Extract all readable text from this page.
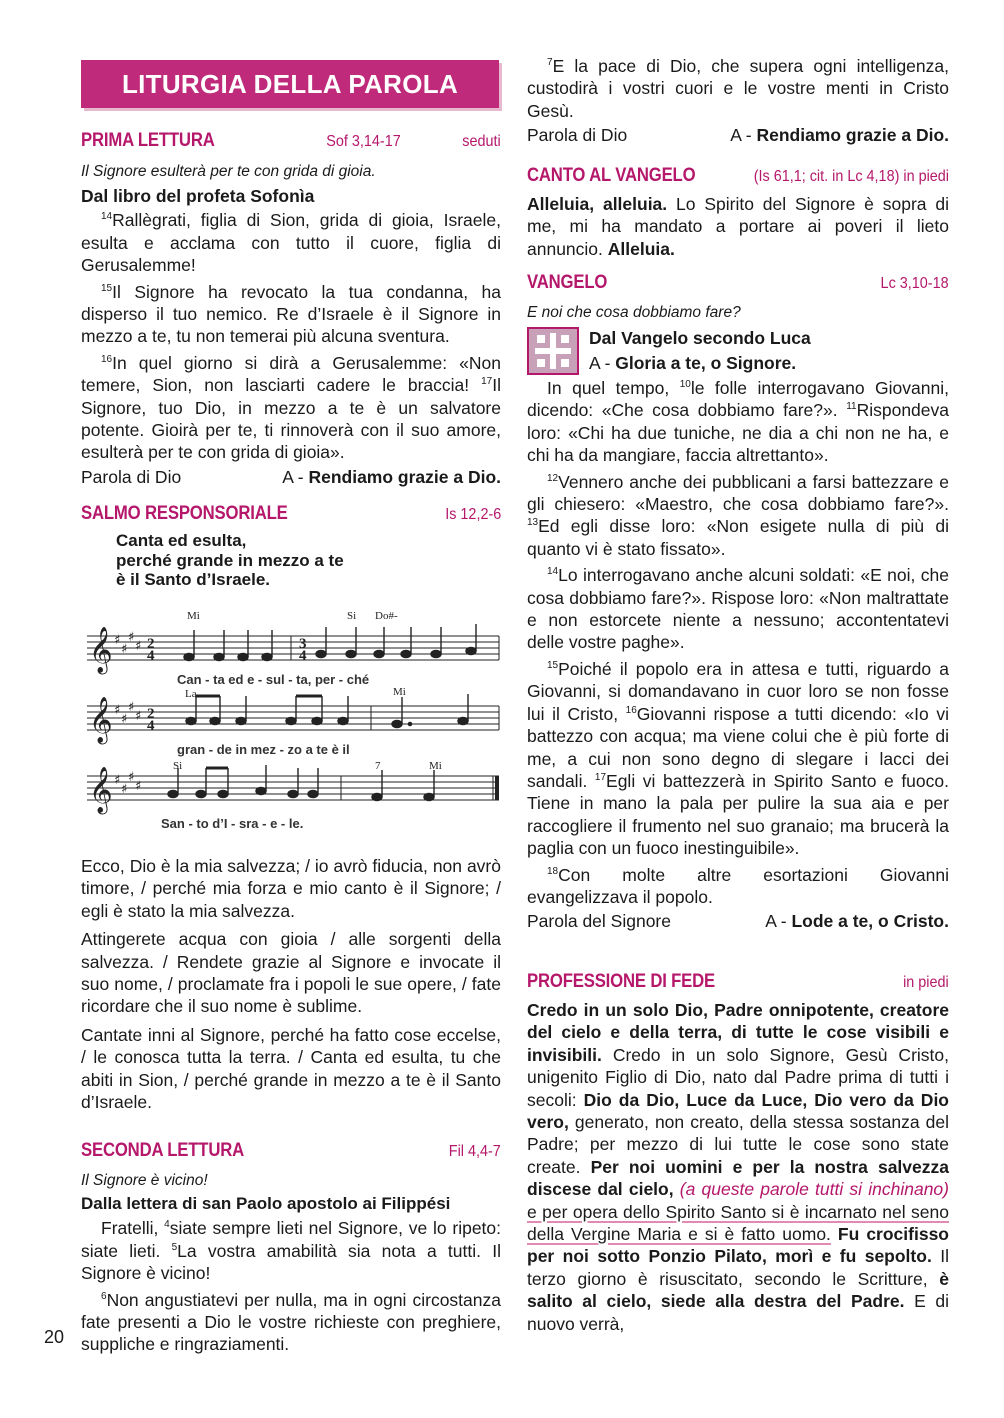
LITURGIA DELLA PAROLA
20
PRIMA LETTURA	Sof 3,14-17	seduti

Il Signore esulterà per te con grida di gioia.

Dal libro del profeta Sofonìa

$^{14}$Rallègrati, figlia di Sion, grida di gioia, Israele, esulta e acclama con tutto il cuore, figlia di Gerusalemme!

$^{15}$Il Signore ha revocato la tua condanna, ha disperso il tuo nemico. Re d’Israele è il Signore in mezzo a te, tu non temerai più alcuna sventura.

$^{16}$In quel giorno si dirà a Gerusalemme: «Non temere, Sion, non lasciarti cadere le braccia! $^{17}$Il Signore, tuo Dio, in mezzo a te è un salvatore potente. Gioirà per te, ti rinnoverà con il suo amore, esulterà per te con grida di gioia».

Parola di Dio	A - Rendiamo grazie a Dio.
SALMO RESPONSORIALE	Is 12,2-6
Canta ed esulta,
perché grande in mezzo a te
è il Santo d’Israele.
𝄞
𝄞
𝄞
♯
♯
♯
♯
♯
♯
♯
♯
♯
♯
♯
♯
2
4
3
4
2
4
Mi	Si Do#-
La	Mi
Si	7	Mi
Can - ta ed e - sul - ta, per - ché
gran - de in mez - zo a te è il
San - to d’I - sra - e - le.

Ecco, Dio è la mia salvezza; / io avrò fiducia, non avrò timore, / perché mia forza e mio canto è il Signore; / egli è stato la mia salvezza.

Attingerete acqua con gioia / alle sorgenti della salvezza. / Rendete grazie al Signore e invocate il suo nome, / proclamate fra i popoli le sue opere, / fate ricordare che il suo nome è sublime.

Cantate inni al Signore, perché ha fatto cose eccelse, / le conosca tutta la terra. / Canta ed esulta, tu che abiti in Sion, / perché grande in mezzo a te è il Santo d’Israele.

SECONDA LETTURA	Fil 4,4-7

Il Signore è vicino!

Dalla lettera di san Paolo apostolo ai Filippési

Fratelli, $^4$siate sempre lieti nel Signore, ve lo ripeto: siate lieti. $^5$La vostra amabilità sia nota a tutti. Il Signore è vicino!

$^6$Non angustiatevi per nulla, ma in ogni circostanza fate presenti a Dio le vostre richieste con preghiere, suppliche e ringraziamenti.

$^7$E la pace di Dio, che supera ogni intelligenza, custodirà i vostri cuori e le vostre menti in Cristo Gesù.

Parola di Dio	A - Rendiamo grazie a Dio.
CANTO AL VANGELO	(Is 61,1; cit. in Lc 4,18) in piedi

Alleluia, alleluia. Lo Spirito del Signore è sopra di me, mi ha mandato a portare ai poveri il lieto annuncio. Alleluia.

VANGELO	Lc 3,10-18

E noi che cosa dobbiamo fare?

Dal Vangelo secondo Luca
A - Gloria a te, o Signore.

In quel tempo, $^{10}$le folle interrogavano Giovanni, dicendo: «Che cosa dobbiamo fare?». $^{11}$Rispondeva loro: «Chi ha due tuniche, ne dia a chi non ne ha, e chi ha da mangiare, faccia altrettanto».

$^{12}$Vennero anche dei pubblicani a farsi battezzare e gli chiesero: «Maestro, che cosa dobbiamo fare?». $^{13}$Ed egli disse loro: «Non esigete nulla di più di quanto vi è stato fissato».

$^{14}$Lo interrogavano anche alcuni soldati: «E noi, che cosa dobbiamo fare?». Rispose loro: «Non maltrattate e non estorcete niente a nessuno; accontentatevi delle vostre paghe».

$^{15}$Poiché il popolo era in attesa e tutti, riguardo a Giovanni, si domandavano in cuor loro se non fosse lui il Cristo, $^{16}$Giovanni rispose a tutti dicendo: «Io vi battezzo con acqua; ma viene colui che è più forte di me, a cui non sono degno di slegare i lacci dei sandali. $^{17}$Egli vi battezzerà in Spirito Santo e fuoco. Tiene in mano la pala per pulire la sua aia e per raccogliere il frumento nel suo granaio; ma brucerà la paglia con un fuoco inestinguibile».

$^{18}$Con molte altre esortazioni Giovanni evangelizzava il popolo.

Parola del Signore	A - Lode a te, o Cristo.
PROFESSIONE DI FEDE	in piedi

Credo in un solo Dio, Padre onnipotente, creatore del cielo e della terra, di tutte le cose visibili e invisibili. Credo in un solo Signore, Gesù Cristo, unigenito Figlio di Dio, nato dal Padre prima di tutti i secoli: Dio da Dio, Luce da Luce, Dio vero da Dio vero, generato, non creato, della stessa sostanza del Padre; per mezzo di lui tutte le cose sono state create. Per noi uomini e per la nostra salvezza discese dal cielo, (a queste parole tutti si inchinano) e per opera dello Spirito Santo si è incarnato nel seno della Vergine Maria e si è fatto uomo. Fu crocifisso per noi sotto Ponzio Pilato, morì e fu sepolto. Il terzo giorno è risuscitato, secondo le Scritture, è salito al cielo, siede alla destra del Padre. E di nuovo verrà,
